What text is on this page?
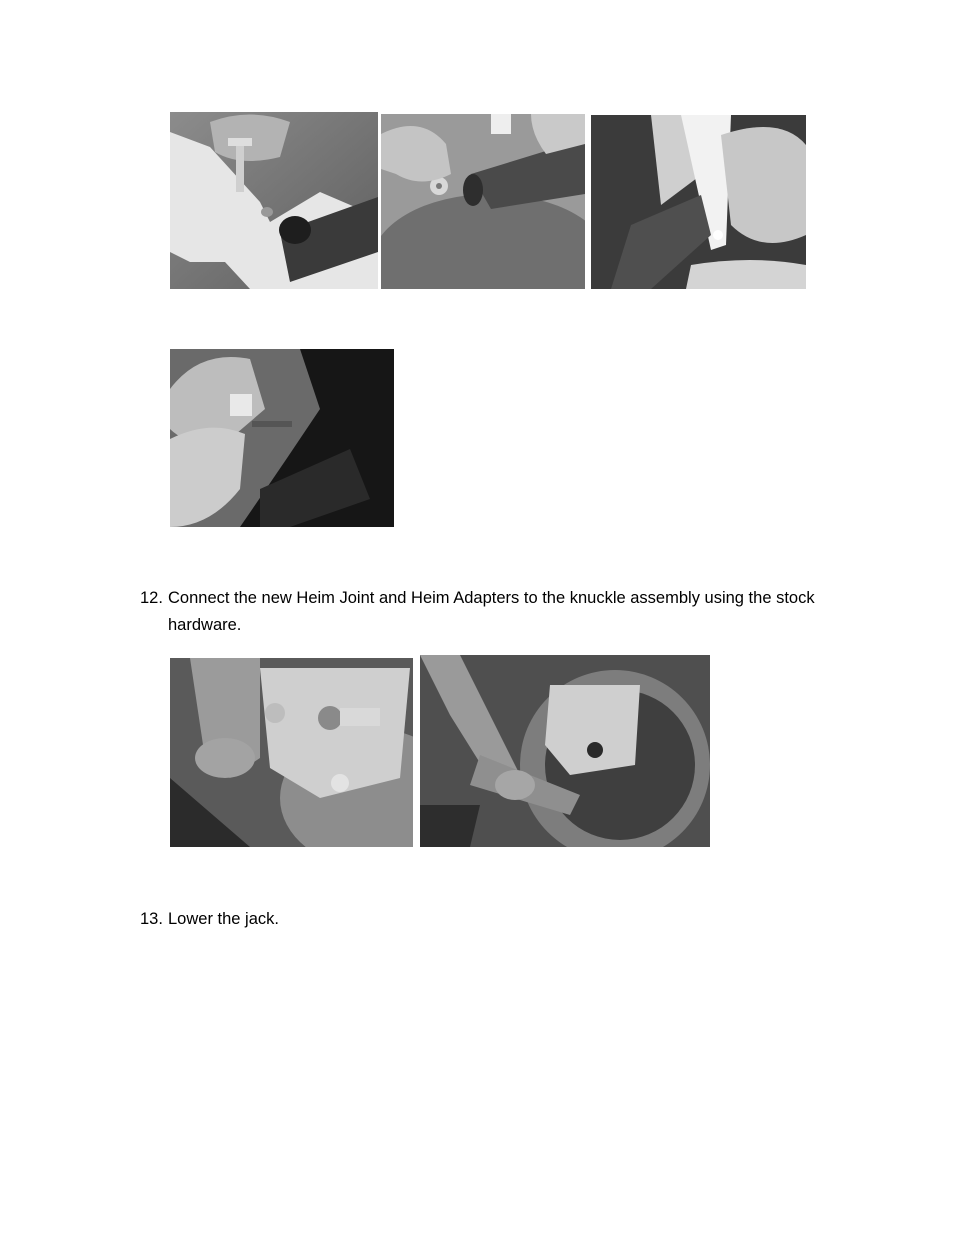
12. Connect the new Heim Joint and Heim Adapters to the knuckle assembly using the stock
hardware.
13. Lower the jack.
